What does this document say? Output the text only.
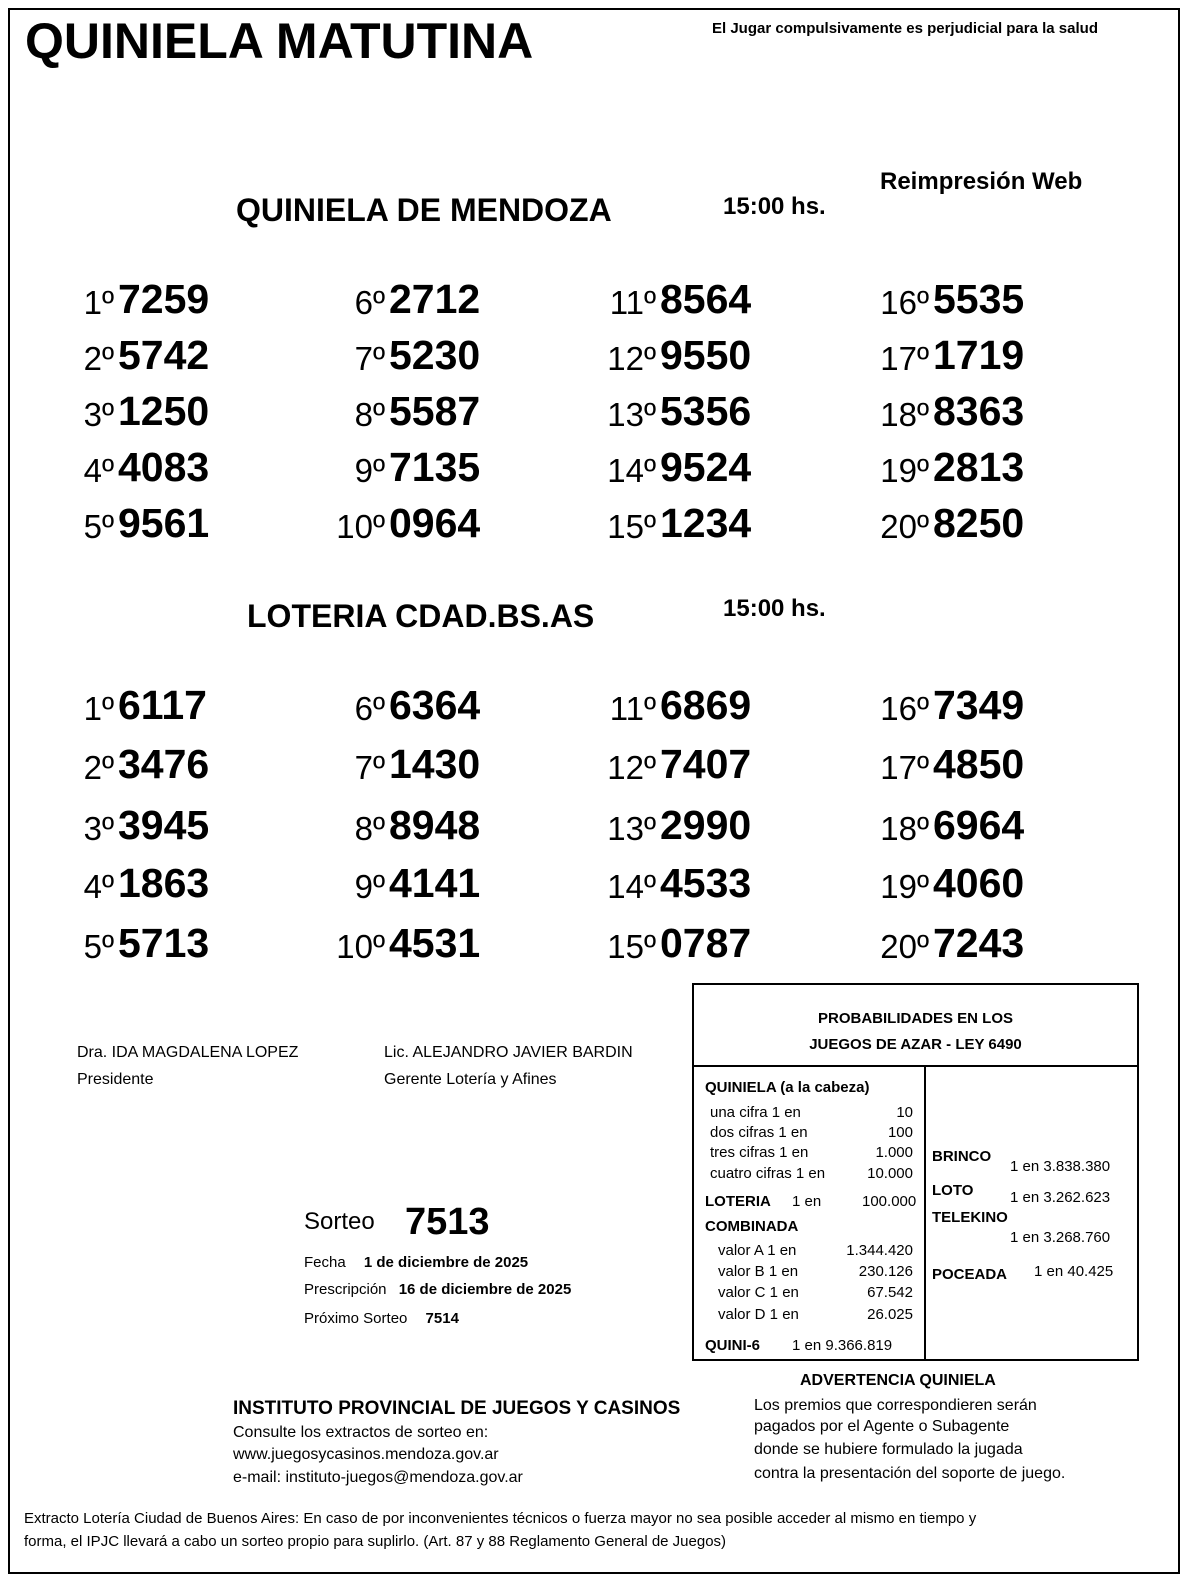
QUINIELA MATUTINA	El Jugar compulsivamente es perjudicial para la salud
Reimpresión Web
QUINIELA DE MENDOZA	15:00 hs.
1º 7259
2º 5742
3º 1250
4º 4083
5º 9561
6º 2712
7º 5230
8º 5587
9º 7135
10º 0964
11º 8564
12º 9550
13º 5356
14º 9524
15º 1234
16º 5535
17º 1719
18º 8363
19º 2813
20º 8250
LOTERIA CDAD.BS.AS	15:00 hs.
1º 6117
2º 3476
3º 3945
4º 1863
5º 5713
6º 6364
7º 1430
8º 8948
9º 4141
10º 4531
11º 6869
12º 7407
13º 2990
14º 4533
15º 0787
16º 7349
17º 4850
18º 6964
19º 4060
20º 7243
Dra. IDA MAGDALENA LOPEZ
Presidente
Lic. ALEJANDRO JAVIER BARDIN
Gerente Lotería y Afines
PROBABILIDADES EN LOS
JUEGOS DE AZAR - LEY 6490
QUINIELA (a la cabeza)
una cifra 1 en	10
dos cifras 1 en	100
tres cifras 1 en	1.000
cuatro cifras 1 en	10.000
LOTERIA 1 en	100.000
COMBINADA
valor A 1 en	1.344.420
valor B 1 en	230.126
valor C 1 en	67.542
valor D 1 en	26.025
QUINI-6 1 en 9.366.819
BRINCO
1 en 3.838.380
LOTO 1 en 3.262.623
TELEKINO
1 en 3.268.760
POCEADA 1 en 40.425
Sorteo 7513
Fecha 1 de diciembre de 2025
Prescripción 16 de diciembre de 2025
Próximo Sorteo 7514
INSTITUTO PROVINCIAL DE JUEGOS Y CASINOS
Consulte los extractos de sorteo en:
www.juegosycasinos.mendoza.gov.ar
e-mail: instituto-juegos@mendoza.gov.ar
ADVERTENCIA QUINIELA
Los premios que correspondieren serán
pagados por el Agente o Subagente
donde se hubiere formulado la jugada
contra la presentación del soporte de juego.
Extracto Lotería Ciudad de Buenos Aires: En caso de por inconvenientes técnicos o fuerza mayor no sea posible acceder al mismo en tiempo y
forma, el IPJC llevará a cabo un sorteo propio para suplirlo. (Art. 87 y 88 Reglamento General de Juegos)
